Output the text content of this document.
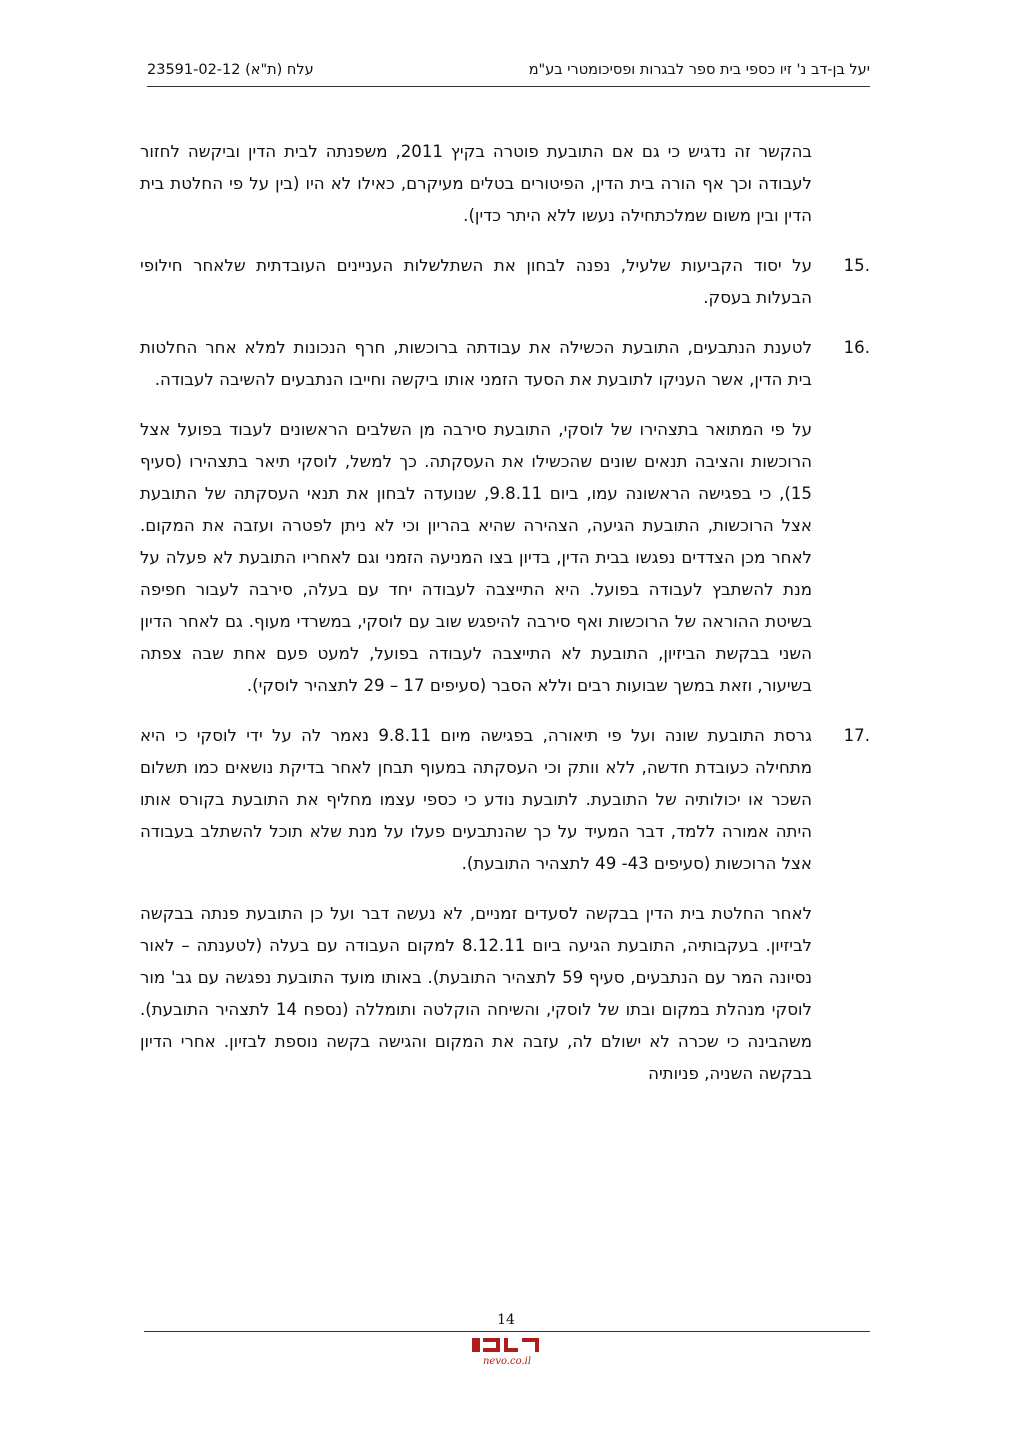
עלח (ת"א) 23591-02-12	יעל בן-דב נ' זיו כספי בית ספר לבגרות ופסיכומטרי בע"מ

בהקשר זה נדגיש כי גם אם התובעת פוטרה בקיץ 2011, משפנתה לבית הדין וביקשה לחזור לעבודה וכך אף הורה בית הדין, הפיטורים בטלים מעיקרם, כאילו לא היו (בין על פי החלטת בית הדין ובין משום שמלכתחילה נעשו ללא היתר כדין).

15.
על יסוד הקביעות שלעיל, נפנה לבחון את השתלשלות העניינים העובדתית שלאחר חילופי הבעלות בעסק.

16.
לטענת הנתבעים, התובעת הכשילה את עבודתה ברוכשות, חרף הנכונות למלא אחר החלטות בית הדין, אשר העניקו לתובעת את הסעד הזמני אותו ביקשה וחייבו הנתבעים להשיבה לעבודה.

על פי המתואר בתצהירו של לוסקי, התובעת סירבה מן השלבים הראשונים לעבוד בפועל אצל הרוכשות והציבה תנאים שונים שהכשילו את העסקתה. כך למשל, לוסקי תיאר בתצהירו (סעיף 15), כי בפגישה הראשונה עמו, ביום 9.8.11, שנועדה לבחון את תנאי העסקתה של התובעת אצל הרוכשות, התובעת הגיעה, הצהירה שהיא בהריון וכי לא ניתן לפטרה ועזבה את המקום. לאחר מכן הצדדים נפגשו בבית הדין, בדיון בצו המניעה הזמני וגם לאחריו התובעת לא פעלה על מנת להשתבץ לעבודה בפועל. היא התייצבה לעבודה יחד עם בעלה, סירבה לעבור חפיפה בשיטת ההוראה של הרוכשות ואף סירבה להיפגש שוב עם לוסקי, במשרדי מעוף. גם לאחר הדיון השני בבקשת הביזיון, התובעת לא התייצבה לעבודה בפועל, למעט פעם אחת שבה צפתה בשיעור, וזאת במשך שבועות רבים וללא הסבר (סעיפים 17 – 29 לתצהיר לוסקי).

17.
גרסת התובעת שונה ועל פי תיאורה, בפגישה מיום 9.8.11 נאמר לה על ידי לוסקי כי היא מתחילה כעובדת חדשה, ללא וותק וכי העסקתה במעוף תבחן לאחר בדיקת נושאים כמו תשלום השכר או יכולותיה של התובעת. לתובעת נודע כי כספי עצמו מחליף את התובעת בקורס אותו היתה אמורה ללמד, דבר המעיד על כך שהנתבעים פעלו על מנת שלא תוכל להשתלב בעבודה אצל הרוכשות (סעיפים 43- 49 לתצהיר התובעת).

לאחר החלטת בית הדין בבקשה לסעדים זמניים, לא נעשה דבר ועל כן התובעת פנתה בבקשה לביזיון. בעקבותיה, התובעת הגיעה ביום 8.12.11 למקום העבודה עם בעלה (לטענתה – לאור נסיונה המר עם הנתבעים, סעיף 59 לתצהיר התובעת). באותו מועד התובעת נפגשה עם גב' מור לוסקי מנהלת במקום ובתו של לוסקי, והשיחה הוקלטה ותומללה (נספח 14 לתצהיר התובעת). משהבינה כי שכרה לא ישולם לה, עזבה את המקום והגישה בקשה נוספת לבזיון. אחרי הדיון בבקשה השניה, פניותיה

14
nevo.co.il
